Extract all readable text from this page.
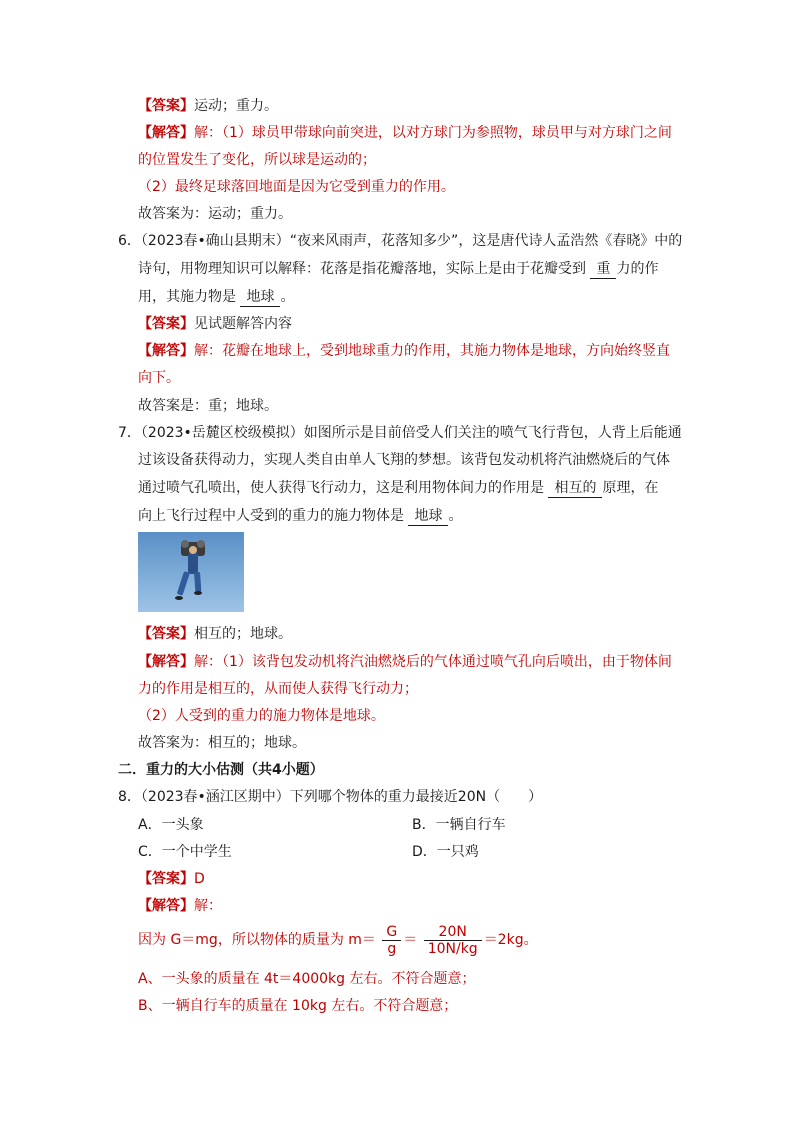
【答案】运动；重力。
【解答】解：（1）球员甲带球向前突进，以对方球门为参照物，球员甲与对方球门之间
的位置发生了变化，所以球是运动的；
（2）最终足球落回地面是因为它受到重力的作用。
故答案为：运动；重力。
6．（2023春•确山县期末）“夜来风雨声，花落知多少”，这是唐代诗人孟浩然《春晓》中的
诗句，用物理知识可以解释：花落是指花瓣落地，实际上是由于花瓣受到 重 力的作
用，其施力物是 地球 。
【答案】见试题解答内容
【解答】解：花瓣在地球上，受到地球重力的作用，其施力物体是地球，方向始终竖直
向下。
故答案是：重；地球。
7．（2023•岳麓区校级模拟）如图所示是目前倍受人们关注的喷气飞行背包，人背上后能通
过该设备获得动力，实现人类自由单人飞翔的梦想。该背包发动机将汽油燃烧后的气体
通过喷气孔喷出，使人获得飞行动力，这是利用物体间力的作用是 相互的 原理，在
向上飞行过程中人受到的重力的施力物体是 地球 。
【答案】相互的；地球。
【解答】解：（1）该背包发动机将汽油燃烧后的气体通过喷气孔向后喷出，由于物体间
力的作用是相互的，从而使人获得飞行动力；
（2）人受到的重力的施力物体是地球。
故答案为：相互的；地球。
二．重力的大小估测（共4小题）
8．（2023春•涵江区期中）下列哪个物体的重力最接近20N（　　）
A．一头象	B．一辆自行车
C．一个中学生	D．一只鸡
【答案】D
【解答】解：
因为 G＝mg，所以物体的质量为 $m= \frac{G}{g} = \frac{20N}{10N/kg} =2kg$。
A、一头象的质量在 4t＝4000kg 左右。不符合题意；
B、一辆自行车的质量在 10kg 左右。不符合题意；
